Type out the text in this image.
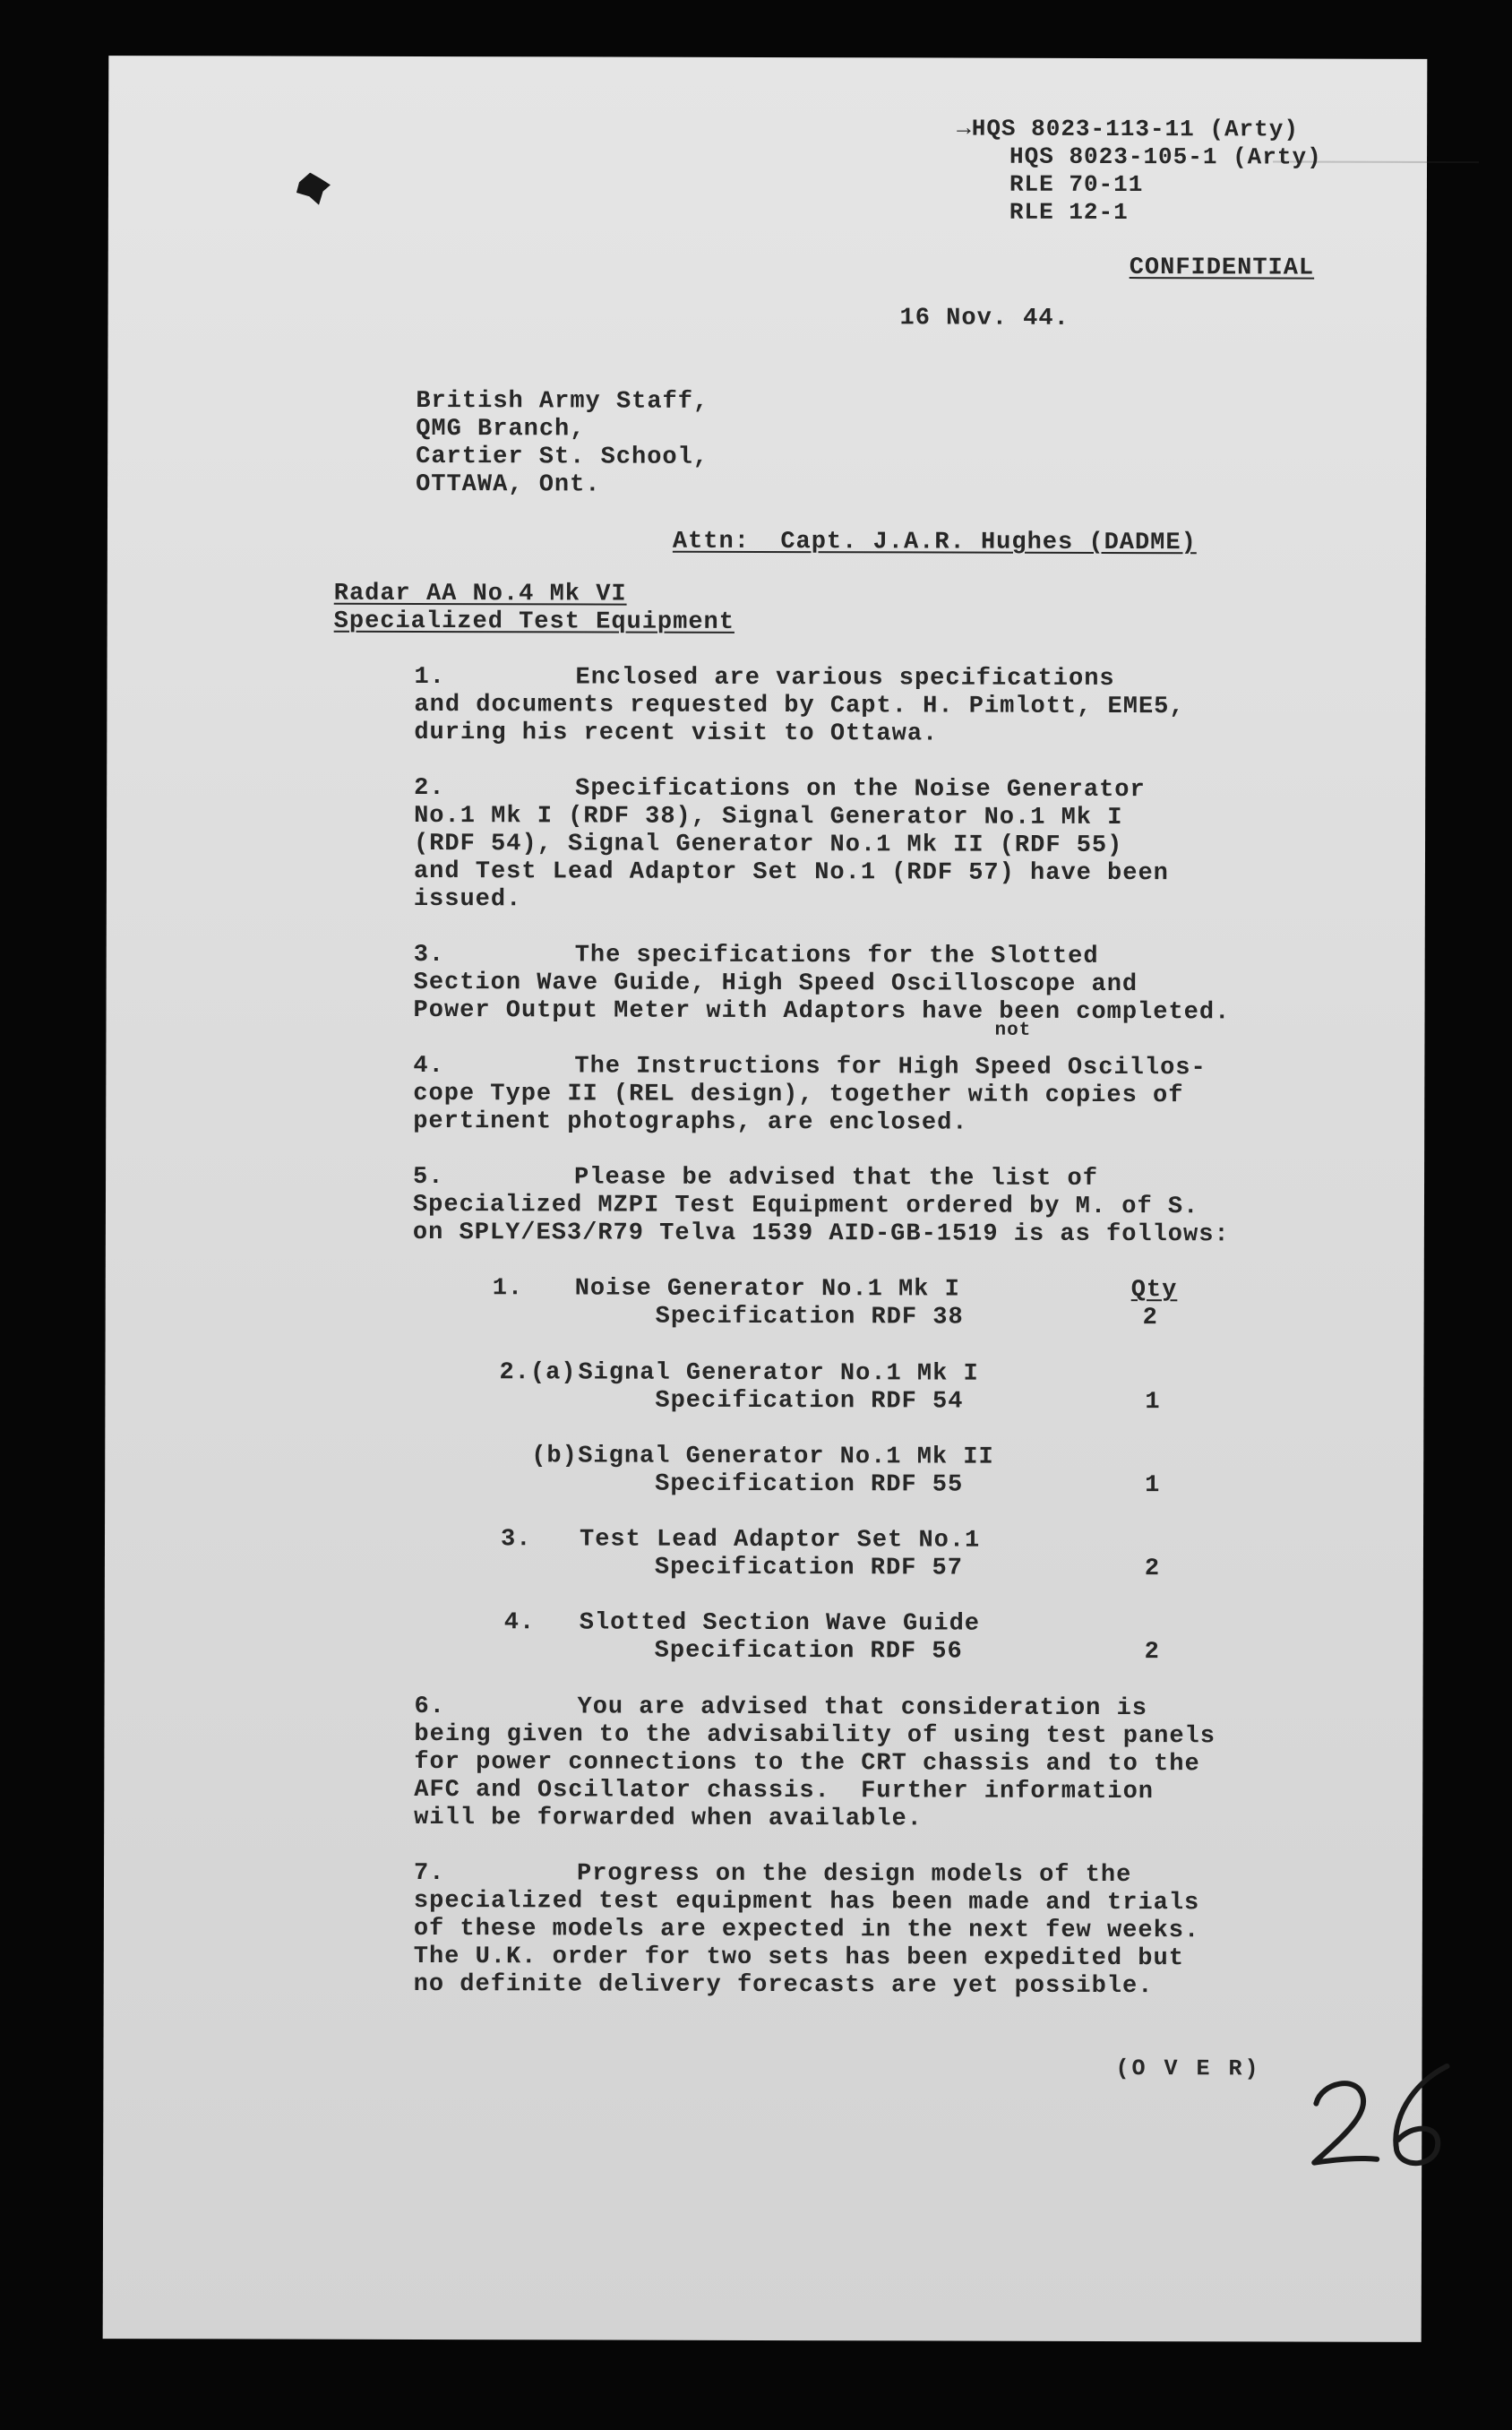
→HQS 8023-113-11 (Arty)
HQS 8023-105-1 (Arty)
RLE 70-11
RLE 12-1
CONFIDENTIAL
16 Nov. 44.
British Army Staff,
QMG Branch,
Cartier St. School,
OTTAWA, Ont.
Attn:  Capt. J.A.R. Hughes (DADME)
Radar AA No.4 Mk VI
Specialized Test Equipment
1.	Enclosed are various specifications
and documents requested by Capt. H. Pimlott, EME5,
during his recent visit to Ottawa.
2.	Specifications on the Noise Generator
No.1 Mk I (RDF 38), Signal Generator No.1 Mk I
(RDF 54), Signal Generator No.1 Mk II (RDF 55)
and Test Lead Adaptor Set No.1 (RDF 57) have been
issued.
3.	The specifications for the Slotted
Section Wave Guide, High Speed Oscilloscope and
Power Output Meter with Adaptors have been completed.
not
4.	The Instructions for High Speed Oscillos-
cope Type II (REL design), together with copies of
pertinent photographs, are enclosed.
5.	Please be advised that the list of
Specialized MZPI Test Equipment ordered by M. of S.
on SPLY/ES3/R79 Telva 1539 AID-GB-1519 is as follows:
Qty
1. Noise Generator No.1 Mk I
Specification RDF 38	2
2.(a) Signal Generator No.1 Mk I
Specification RDF 54	1
(b) Signal Generator No.1 Mk II
Specification RDF 55	1
3. Test Lead Adaptor Set No.1
Specification RDF 57	2
4. Slotted Section Wave Guide
Specification RDF 56	2
6.	You are advised that consideration is
being given to the advisability of using test panels
for power connections to the CRT chassis and to the
AFC and Oscillator chassis.  Further information
will be forwarded when available.
7.	Progress on the design models of the
specialized test equipment has been made and trials
of these models are expected in the next few weeks.
The U.K. order for two sets has been expedited but
no definite delivery forecasts are yet possible.
(O V E R)
